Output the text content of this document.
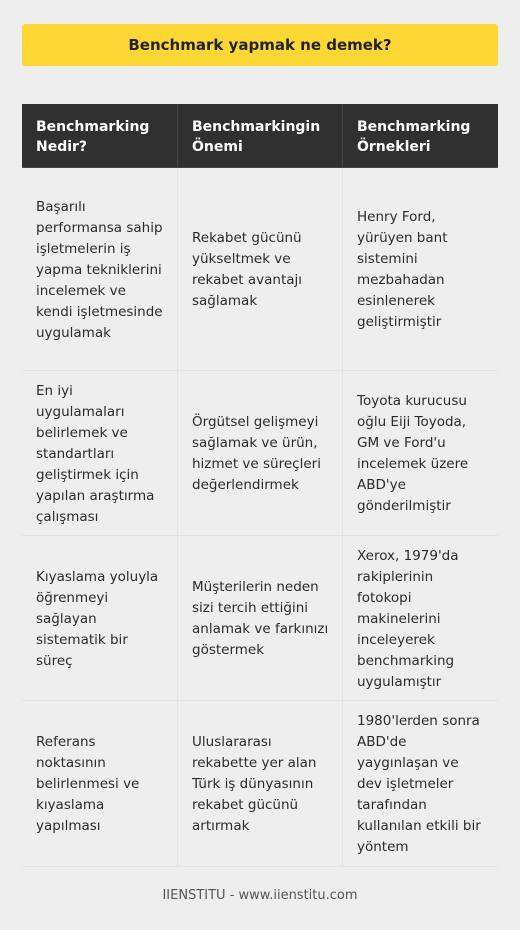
Benchmark yapmak ne demek?
Benchmarking Nedir?
Benchmarkingin Önemi
Benchmarking Örnekleri
Başarılı performansa sahip işletmelerin iş yapma tekniklerini incelemek ve kendi işletmesinde uygulamak
Rekabet gücünü yükseltmek ve rekabet avantajı sağlamak
Henry Ford, yürüyen bant sistemini mezbahadan esinlenerek geliştirmiştir
En iyi uygulamaları belirlemek ve standartları geliştirmek için yapılan araştırma çalışması
Örgütsel gelişmeyi sağlamak ve ürün, hizmet ve süreçleri değerlendirmek
Toyota kurucusu oğlu Eiji Toyoda, GM ve Ford'u incelemek üzere ABD'ye gönderilmiştir
Kıyaslama yoluyla öğrenmeyi sağlayan sistematik bir süreç
Müşterilerin neden sizi tercih ettiğini anlamak ve farkınızı göstermek
Xerox, 1979'da rakiplerinin fotokopi makinelerini inceleyerek benchmarking uygulamıştır
Referans noktasının belirlenmesi ve kıyaslama yapılması
Uluslararası rekabette yer alan Türk iş dünyasının rekabet gücünü artırmak
1980'lerden sonra ABD'de yaygınlaşan ve dev işletmeler tarafından kullanılan etkili bir yöntem
IIENSTITU - www.iienstitu.com
